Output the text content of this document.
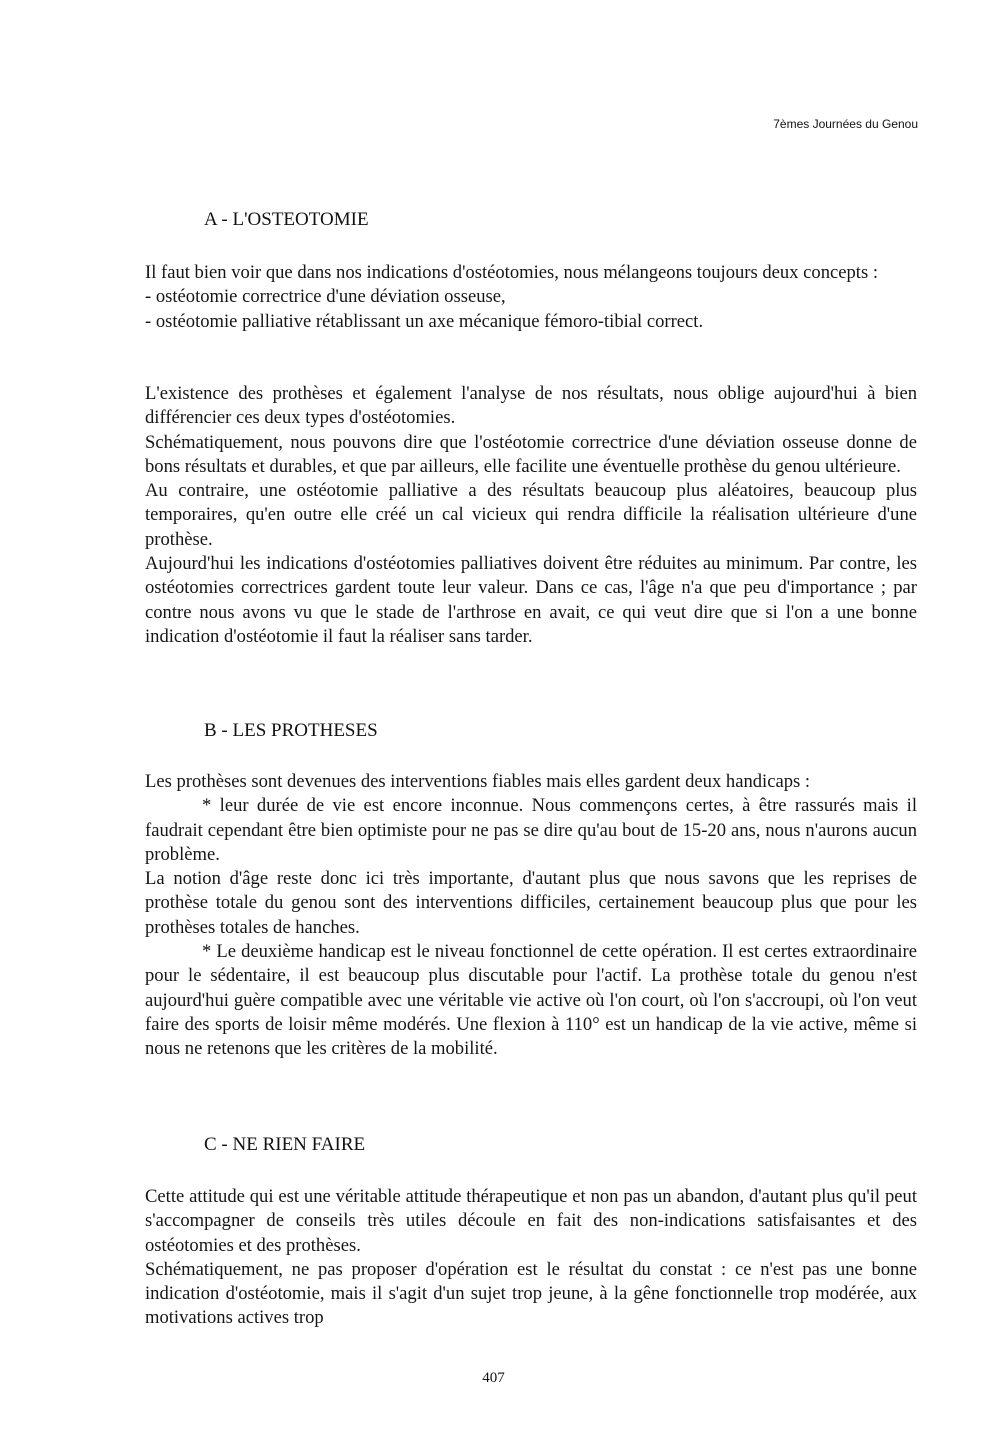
7èmes Journées du Genou
A - L'OSTEOTOMIE

Il faut bien voir que dans nos indications d'ostéotomies, nous mélangeons toujours deux concepts :

- ostéotomie correctrice d'une déviation osseuse,

- ostéotomie palliative rétablissant un axe mécanique fémoro-tibial correct.

L'existence des prothèses et également l'analyse de nos résultats, nous oblige aujourd'hui à bien différencier ces deux types d'ostéotomies.

Schématiquement, nous pouvons dire que l'ostéotomie correctrice d'une déviation osseuse donne de bons résultats et durables, et que par ailleurs, elle facilite une éventuelle prothèse du genou ultérieure.

Au contraire, une ostéotomie palliative a des résultats beaucoup plus aléatoires, beaucoup plus temporaires, qu'en outre elle créé un cal vicieux qui rendra difficile la réalisation ultérieure d'une prothèse.

Aujourd'hui les indications d'ostéotomies palliatives doivent être réduites au minimum. Par contre, les ostéotomies correctrices gardent toute leur valeur. Dans ce cas, l'âge n'a que peu d'importance ; par contre nous avons vu que le stade de l'arthrose en avait, ce qui veut dire que si l'on a une bonne indication d'ostéotomie il faut la réaliser sans tarder.

B - LES PROTHESES

Les prothèses sont devenues des interventions fiables mais elles gardent deux handicaps :

* leur durée de vie est encore inconnue. Nous commençons certes, à être rassurés mais il faudrait cependant être bien optimiste pour ne pas se dire qu'au bout de 15-20 ans, nous n'aurons aucun problème.

La notion d'âge reste donc ici très importante, d'autant plus que nous savons que les reprises de prothèse totale du genou sont des interventions difficiles, certainement beaucoup plus que pour les prothèses totales de hanches.

* Le deuxième handicap est le niveau fonctionnel de cette opération. Il est certes extraordinaire pour le sédentaire, il est beaucoup plus discutable pour l'actif. La prothèse totale du genou n'est aujourd'hui guère compatible avec une véritable vie active où l'on court, où l'on s'accroupi, où l'on veut faire des sports de loisir même modérés. Une flexion à 110° est un handicap de la vie active, même si nous ne retenons que les critères de la mobilité.

C - NE RIEN FAIRE

Cette attitude qui est une véritable attitude thérapeutique et non pas un abandon, d'autant plus qu'il peut s'accompagner de conseils très utiles découle en fait des non-indications satisfaisantes et des ostéotomies et des prothèses.

Schématiquement, ne pas proposer d'opération est le résultat du constat : ce n'est pas une bonne indication d'ostéotomie, mais il s'agit d'un sujet trop jeune, à la gêne fonctionnelle trop modérée, aux motivations actives trop

407
